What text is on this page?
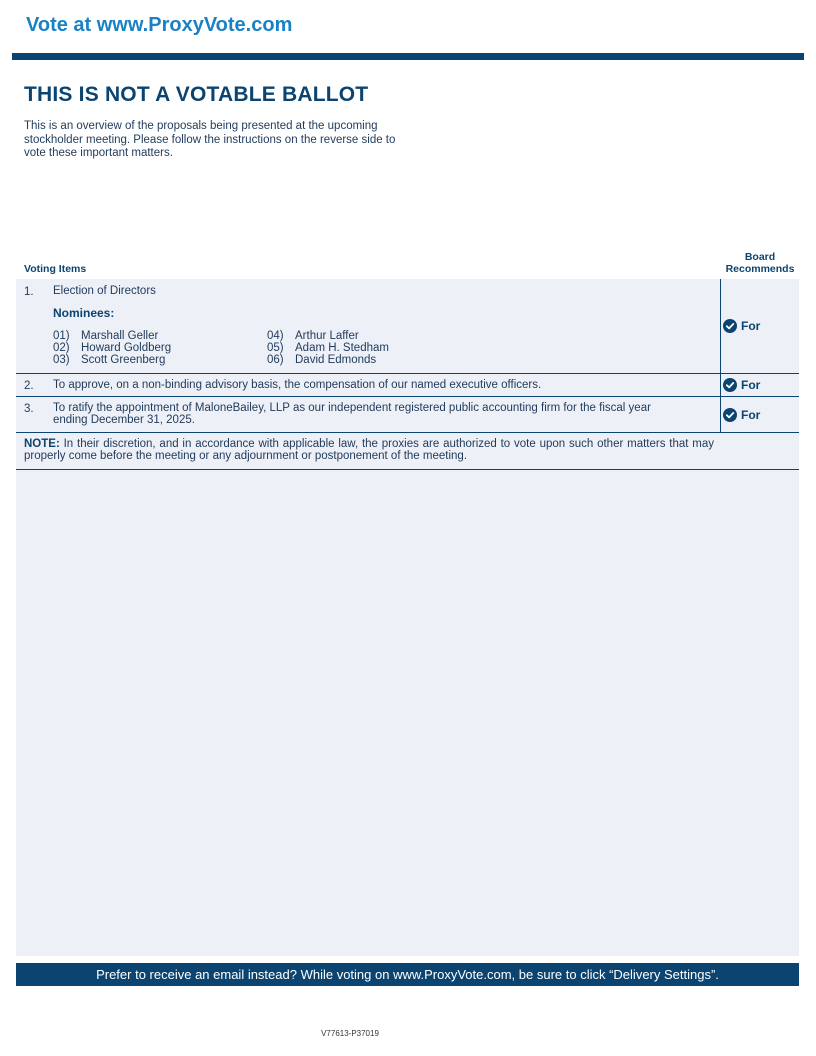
Vote at www.ProxyVote.com
THIS IS NOT A VOTABLE BALLOT
This is an overview of the proposals being presented at the upcoming stockholder meeting. Please follow the instructions on the reverse side to vote these important matters.
Voting Items
Board
Recommends
1. Election of Directors
Nominees:
01) Marshall Geller
02) Howard Goldberg
03) Scott Greenberg
04) Arthur Laffer
05) Adam H. Stedham
06) David Edmonds
For
2. To approve, on a non-binding advisory basis, the compensation of our named executive officers.	For
3. To ratify the appointment of MaloneBailey, LLP as our independent registered public accounting firm for the fiscal year
ending December 31, 2025.	For
NOTE: In their discretion, and in accordance with applicable law, the proxies are authorized to vote upon such other matters that may properly come before the meeting or any adjournment or postponement of the meeting.
Prefer to receive an email instead? While voting on www.ProxyVote.com, be sure to click “Delivery Settings”.
V77613-P37019
